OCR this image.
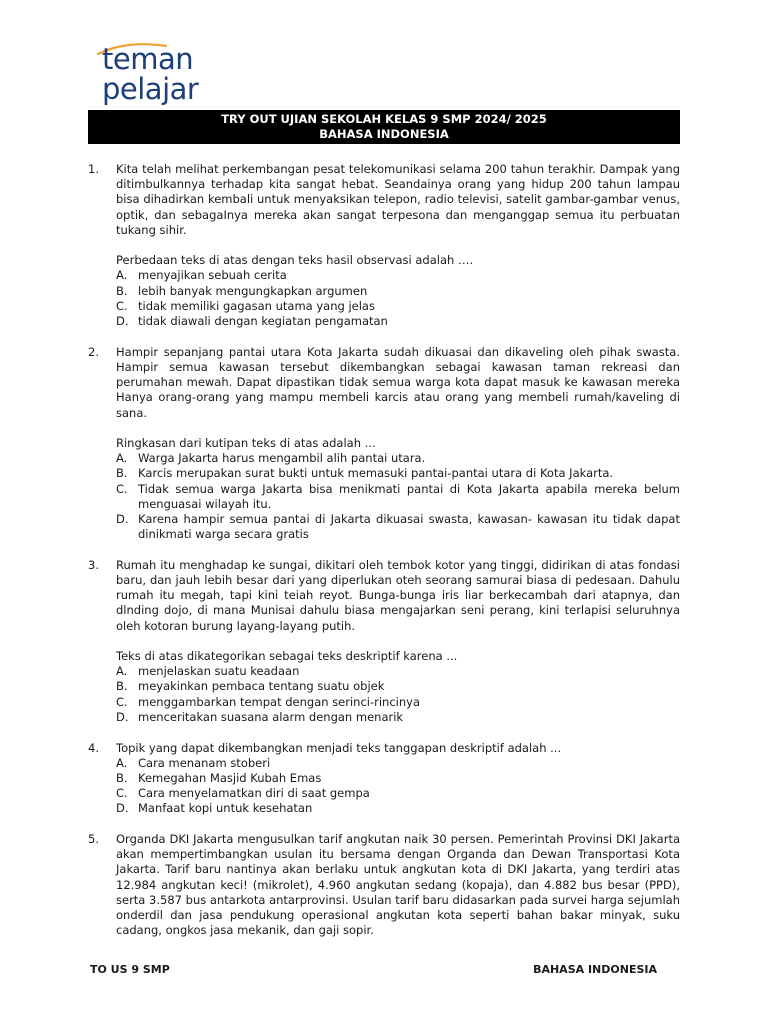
teman
pelajar
TRY OUT UJIAN SEKOLAH KELAS 9 SMP 2024/ 2025
BAHASA INDONESIA
1. Kita telah melihat perkembangan pesat telekomunikasi selama 200 tahun terakhir. Dampak yang ditimbulkannya terhadap kita sangat hebat. Seandainya orang yang hidup 200 tahun lampau bisa dihadirkan kembali untuk menyaksikan telepon, radio televisi, satelit gambar-gambar venus, optik, dan sebagaInya mereka akan sangat terpesona dan menganggap semua itu perbuatan tukang sihir.
Perbedaan teks di atas dengan teks hasil observasi adalah ….
A. menyajikan sebuah cerita
B. lebih banyak mengungkapkan argumen
C. tidak memiliki gagasan utama yang jelas
D. tidak diawali dengan kegiatan pengamatan
2. Hampir sepanjang pantai utara Kota Jakarta sudah dikuasai dan dikaveling oleh pihak swasta. Hampir semua kawasan tersebut dikembangkan sebagai kawasan taman rekreasi dan perumahan mewah. Dapat dipastikan tidak semua warga kota dapat masuk ke kawasan mereka Hanya orang-orang yang mampu membeli karcis atau orang yang membeli rumah/kaveling di sana.
Ringkasan dari kutipan teks di atas adalah ...
A. Warga Jakarta harus mengambil alih pantai utara.
B. Karcis merupakan surat bukti untuk memasuki pantai-pantai utara di Kota Jakarta.
C. Tidak semua warga Jakarta bisa menikmati pantai di Kota Jakarta apabila mereka belum menguasai wilayah itu.
D. Karena hampir semua pantai di Jakarta dikuasai swasta, kawasan- kawasan itu tidak dapat dinikmati warga secara gratis
3. Rumah itu menghadap ke sungai, dikitari oleh tembok kotor yang tinggi, didirikan di atas fondasi baru, dan jauh lebih besar dari yang diperlukan oteh seorang samurai biasa di pedesaan. Dahulu rumah itu megah, tapi kini teiah reyot. Bunga-bunga iris liar berkecambah dari atapnya, dan dlnding dojo, di mana Munisai dahulu biasa mengajarkan seni perang, kini terlapisi seluruhnya oleh kotoran burung layang-layang putih.
Teks di atas dikategorikan sebagai teks deskriptif karena ...
A. menjelaskan suatu keadaan
B. meyakinkan pembaca tentang suatu objek
C. menggambarkan tempat dengan serinci-rincinya
D. menceritakan suasana alarm dengan menarik
4. Topik yang dapat dikembangkan menjadi teks tanggapan deskriptif adalah ...
A. Cara menanam stoberi
B. Kemegahan Masjid Kubah Emas
C. Cara menyelamatkan diri di saat gempa
D. Manfaat kopi untuk kesehatan
5. Organda DKI Jakarta mengusulkan tarif angkutan naik 30 persen. Pemerintah Provinsi DKI Jakarta akan mempertimbangkan usulan itu bersama dengan Organda dan Dewan Transportasi Kota Jakarta. Tarif baru nantinya akan berlaku untuk angkutan kota di DKI Jakarta, yang terdiri atas 12.984 angkutan keci! (mikrolet), 4.960 angkutan sedang (kopaja), dan 4.882 bus besar (PPD), serta 3.587 bus antarkota antarprovinsi. Usulan tarif baru didasarkan pada survei harga sejumlah onderdil dan jasa pendukung operasional angkutan kota seperti bahan bakar minyak, suku cadang, ongkos jasa mekanik, dan gaji sopir.
TO US 9 SMP	BAHASA INDONESIA
